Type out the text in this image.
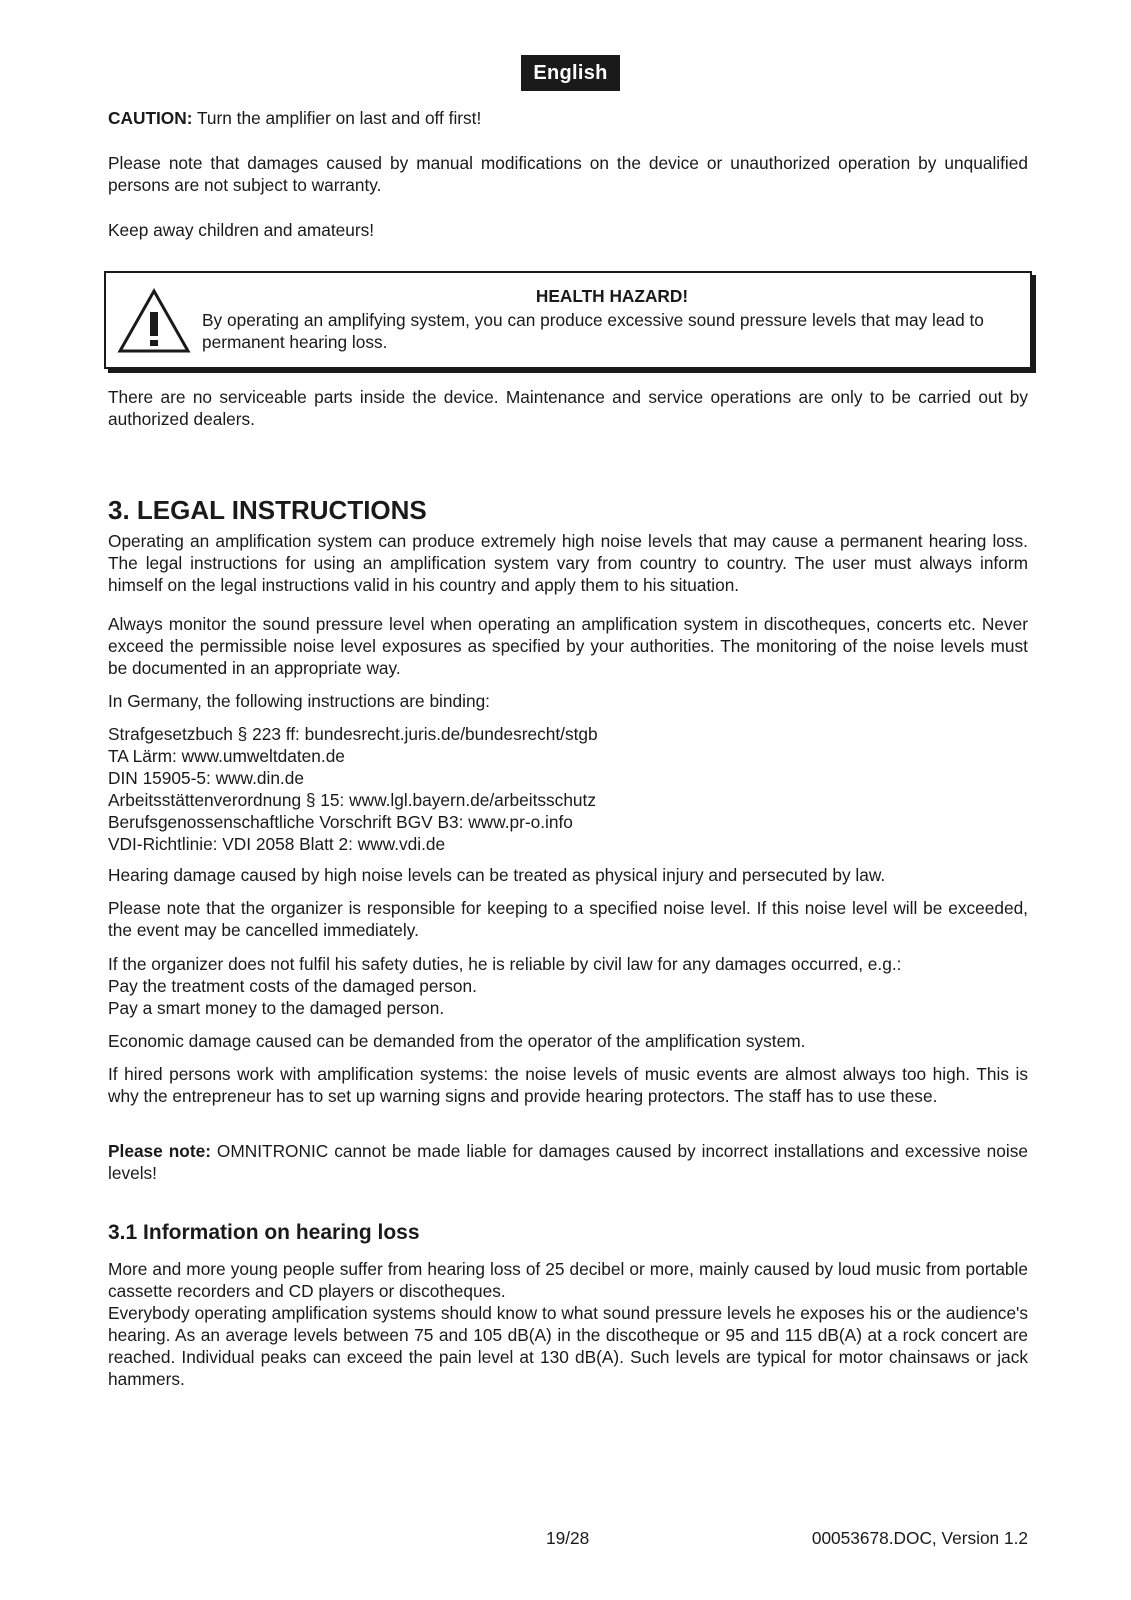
English

CAUTION: Turn the amplifier on last and off first!

Please note that damages caused by manual modifications on the device or unauthorized operation by unqualified persons are not subject to warranty.

Keep away children and amateurs!

HEALTH HAZARD!
By operating an amplifying system, you can produce excessive sound pressure levels that may lead to permanent hearing loss.

There are no serviceable parts inside the device. Maintenance and service operations are only to be carried out by authorized dealers.

3. LEGAL INSTRUCTIONS

Operating an amplification system can produce extremely high noise levels that may cause a permanent hearing loss. The legal instructions for using an amplification system vary from country to country. The user must always inform himself on the legal instructions valid in his country and apply them to his situation.

Always monitor the sound pressure level when operating an amplification system in discotheques, concerts etc. Never exceed the permissible noise level exposures as specified by your authorities. The monitoring of the noise levels must be documented in an appropriate way.

In Germany, the following instructions are binding:

Strafgesetzbuch § 223 ff: bundesrecht.juris.de/bundesrecht/stgb
TA Lärm: www.umweltdaten.de
DIN 15905-5: www.din.de
Arbeitsstättenverordnung § 15: www.lgl.bayern.de/arbeitsschutz
Berufsgenossenschaftliche Vorschrift BGV B3: www.pr-o.info
VDI-Richtlinie: VDI 2058 Blatt 2: www.vdi.de

Hearing damage caused by high noise levels can be treated as physical injury and persecuted by law.

Please note that the organizer is responsible for keeping to a specified noise level. If this noise level will be exceeded, the event may be cancelled immediately.

If the organizer does not fulfil his safety duties, he is reliable by civil law for any damages occurred, e.g.:
Pay the treatment costs of the damaged person.
Pay a smart money to the damaged person.

Economic damage caused can be demanded from the operator of the amplification system.

If hired persons work with amplification systems: the noise levels of music events are almost always too high. This is why the entrepreneur has to set up warning signs and provide hearing protectors. The staff has to use these.

Please note: OMNITRONIC cannot be made liable for damages caused by incorrect installations and excessive noise levels!

3.1 Information on hearing loss

More and more young people suffer from hearing loss of 25 decibel or more, mainly caused by loud music from portable cassette recorders and CD players or discotheques.

Everybody operating amplification systems should know to what sound pressure levels he exposes his or the audience's hearing. As an average levels between 75 and 105 dB(A) in the discotheque or 95 and 115 dB(A) at a rock concert are reached. Individual peaks can exceed the pain level at 130 dB(A). Such levels are typical for motor chainsaws or jack hammers.

19/28	00053678.DOC, Version 1.2
